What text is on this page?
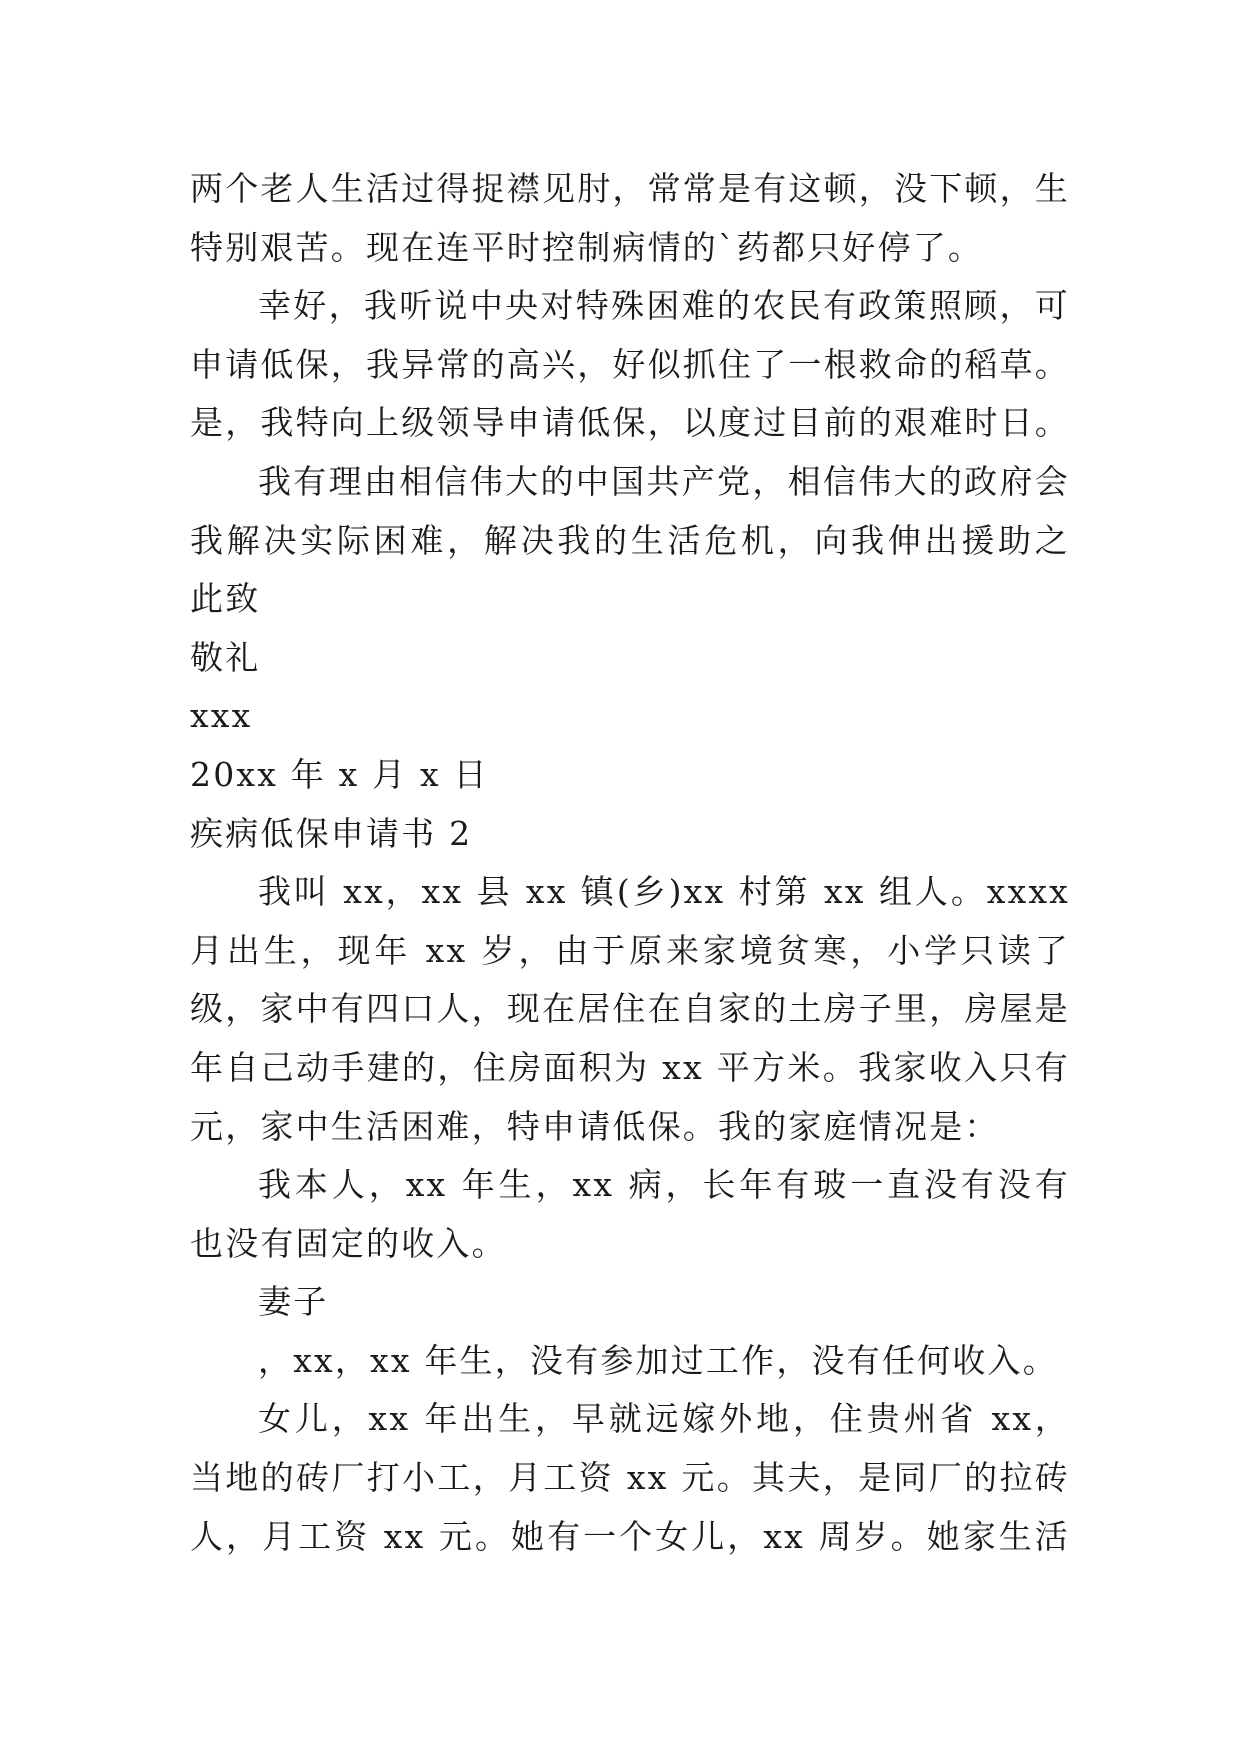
两个老人生活过得捉襟见肘，常常是有这顿，没下顿，生
特别艰苦。现在连平时控制病情的`药都只好停了。
幸好，我听说中央对特殊困难的农民有政策照顾，可
申请低保，我异常的高兴，好似抓住了一根救命的稻草。
是，我特向上级领导申请低保，以度过目前的艰难时日。
我有理由相信伟大的中国共产党，相信伟大的政府会
我解决实际困难，解决我的生活危机，向我伸出援助之
此致
敬礼
xxx
20xx 年 x 月 x 日
疾病低保申请书 2
我叫 xx，xx 县 xx 镇(乡)xx 村第 xx 组人。xxxx
月出生，现年 xx 岁，由于原来家境贫寒，小学只读了
级，家中有四口人，现在居住在自家的土房子里，房屋是
年自己动手建的，住房面积为 xx 平方米。我家收入只有
元，家中生活困难，特申请低保。我的家庭情况是：
我本人，xx 年生，xx 病，长年有玻一直没有没有
也没有固定的收入。
妻子
，xx，xx 年生，没有参加过工作，没有任何收入。
女儿，xx 年出生，早就远嫁外地，住贵州省 xx，
当地的砖厂打小工，月工资 xx 元。其夫，是同厂的拉砖
人，月工资 xx 元。她有一个女儿，xx 周岁。她家生活
